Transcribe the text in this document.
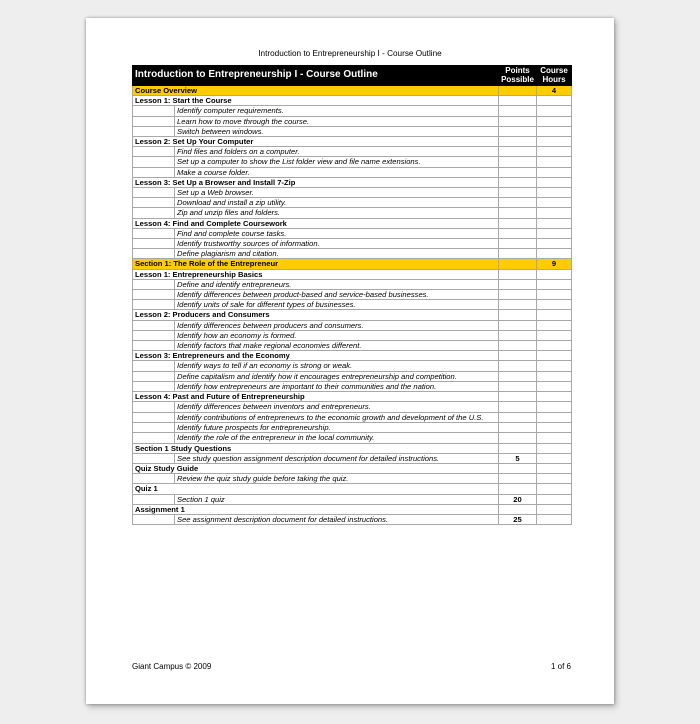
Introduction to Entrepreneurship I - Course Outline
Introduction to Entrepreneurship I - Course Outline		Points Possible	Course Hours
Course Overview			4
Lesson 1: Start the Course			
	Identify computer requirements.		
	Learn how to move through the course.		
	Switch between windows.		
Lesson 2: Set Up Your Computer			
	Find files and folders on a computer.		
	Set up a computer to show the List folder view and file name extensions.		
	Make a course folder.		
Lesson 3: Set Up a Browser and Install 7-Zip			
	Set up a Web browser.		
	Download and install a zip utility.		
	Zip and unzip files and folders.		
Lesson 4: Find and Complete Coursework			
	Find and complete course tasks.		
	Identify trustworthy sources of information.		
	Define plagiarism and citation.		
Section 1: The Role of the Entrepreneur			9
Lesson 1: Entrepreneurship Basics			
	Define and identify entrepreneurs.		
	Identify differences between product-based and service-based businesses.		
	Identify units of sale for different types of businesses.		
Lesson 2: Producers and Consumers			
	Identify differences between producers and consumers.		
	Identify how an economy is formed.		
	Identify factors that make regional economies different.		
Lesson 3: Entrepreneurs and the Economy			
	Identify ways to tell if an economy is strong or weak.		
	Define capitalism and identify how it encourages entrepreneurship and competition.		
	Identify how entrepreneurs are important to their communities and the nation.		
Lesson 4: Past and Future of Entrepreneurship			
	Identify differences between inventors and entrepreneurs.		
	Identify contributions of entrepreneurs to the economic growth and development of the U.S.		
	Identify future prospects for entrepreneurship.		
	Identify the role of the entrepreneur in the local community.		
Section 1 Study Questions			
	See study question assignment description document for detailed instructions.	5	
Quiz Study Guide			
	Review the quiz study guide before taking the quiz.		
Quiz 1			
	Section 1 quiz	20	
Assignment 1			
	See assignment description document for detailed instructions.	25	
Giant Campus © 2009	1 of 6
